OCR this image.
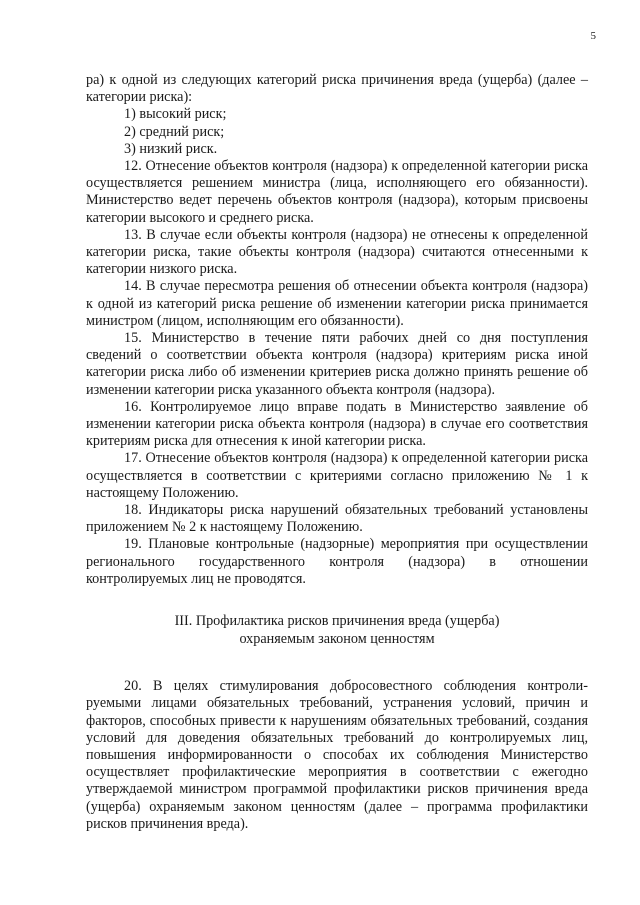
5

ра) к одной из следующих категорий риска причинения вреда (ущерба) (далее – категории риска):

1) высокий риск;

2) средний риск;

3) низкий риск.

12. Отнесение объектов контроля (надзора) к определенной категории риска осуществляется решением министра (лица, исполняющего его обязанности). Министерство ведет перечень объектов контроля (надзора), которым присвоены категории высокого и среднего риска.

13. В случае если объекты контроля (надзора) не отнесены к определенной категории риска, такие объекты контроля (надзора) считаются отнесенными к категории низкого риска.

14. В случае пересмотра решения об отнесении объекта контроля (надзора) к одной из категорий риска решение об изменении категории риска принимается министром (лицом, исполняющим его обязанности).

15. Министерство в течение пяти рабочих дней со дня поступления сведений о соответствии объекта контроля (надзора) критериям риска иной категории риска либо об изменении критериев риска должно принять решение об изменении категории риска указанного объекта контроля (надзора).

16. Контролируемое лицо вправе подать в Министерство заявление об изменении категории риска объекта контроля (надзора) в случае его соответствия критериям риска для отнесения к иной категории риска.

17. Отнесение объектов контроля (надзора) к определенной категории риска осуществляется в соответствии с критериями согласно приложению № 1 к настоящему Положению.

18. Индикаторы риска нарушений обязательных требований установлены приложением № 2 к настоящему Положению.

19. Плановые контрольные (надзорные) мероприятия при осуществлении регионального государственного контроля (надзора) в отношении контролируемых лиц не проводятся.

III. Профилактика рисков причинения вреда (ущерба)

охраняемым законом ценностям

20. В целях стимулирования добросовестного соблюдения контролируемыми лицами обязательных требований, устранения условий, причин и факторов, способных привести к нарушениям обязательных требований, создания условий для доведения обязательных требований до контролируемых лиц, повышения информированности о способах их соблюдения Министерство осуществляет профилактические мероприятия в соответствии с ежегодно утверждаемой министром программой профилактики рисков причинения вреда (ущерба) охраняемым законом ценностям (далее – программа профилактики рисков причинения вреда).
